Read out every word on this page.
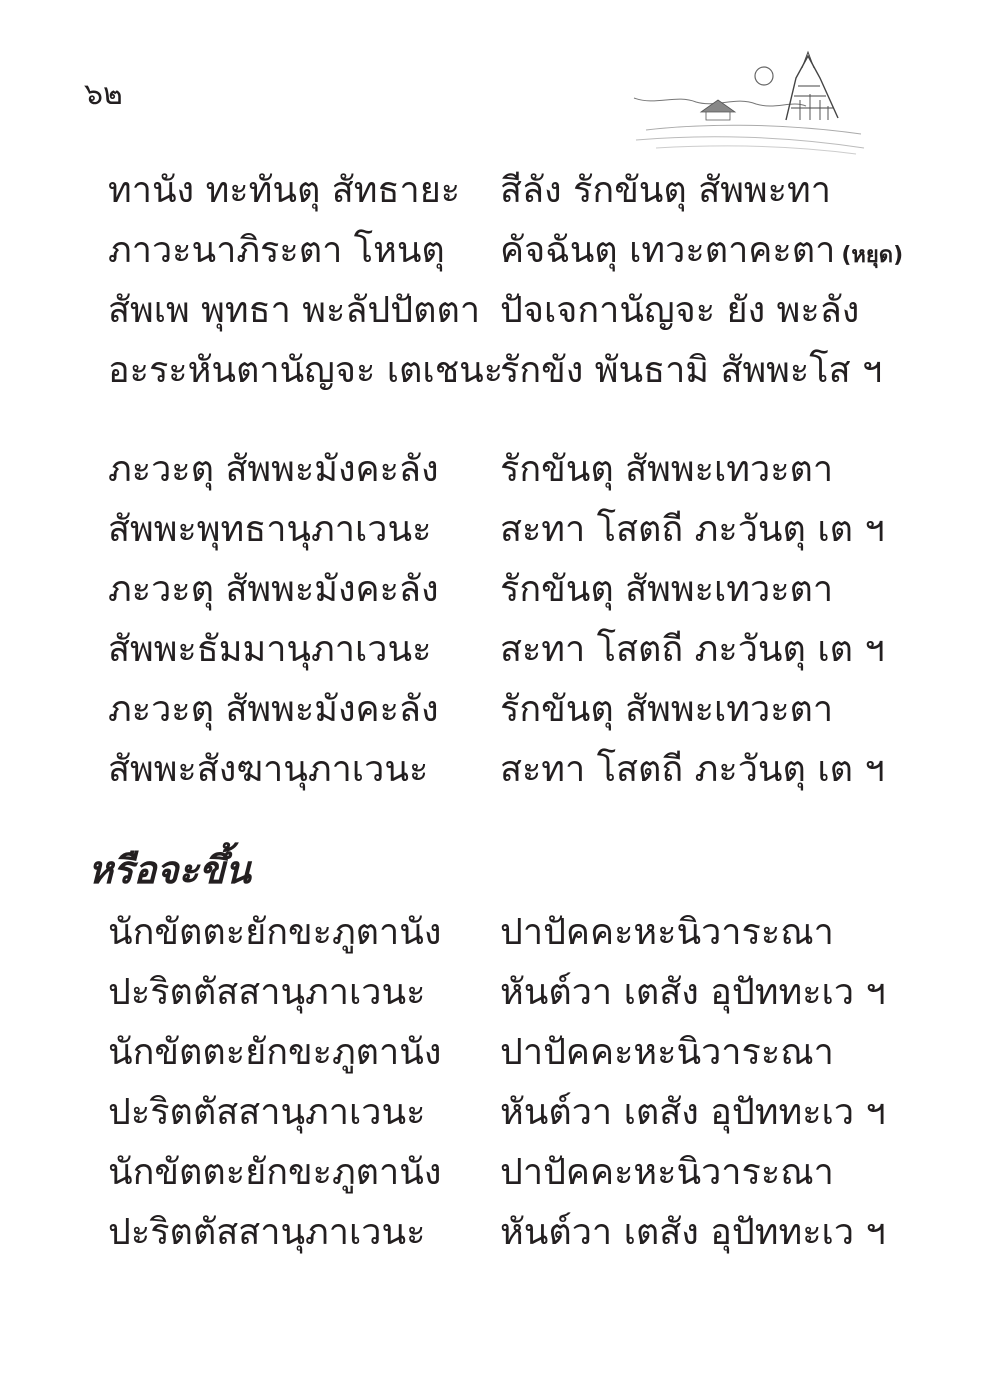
๖๒
ทานัง ทะทันตุ สัทธายะ สีลัง รักขันตุ สัพพะทา
ภาวะนาภิระตา โหนตุ คัจฉันตุ เทวะตาคะตา (หยุด)
สัพเพ พุทธา พะลัปปัตตา ปัจเจกานัญจะ ยัง พะลัง
อะระหันตานัญจะ เตเชนะ
รักขัง พันธามิ สัพพะโส ฯ
ภะวะตุ สัพพะมังคะลัง รักขันตุ สัพพะเทวะตา
สัพพะพุทธานุภาเวนะ สะทา โสตถี ภะวันตุ เต ฯ
ภะวะตุ สัพพะมังคะลัง รักขันตุ สัพพะเทวะตา
สัพพะธัมมานุภาเวนะ สะทา โสตถี ภะวันตุ เต ฯ
ภะวะตุ สัพพะมังคะลัง รักขันตุ สัพพะเทวะตา
สัพพะสังฆานุภาเวนะ สะทา โสตถี ภะวันตุ เต ฯ
หรือจะขึ้น
นักขัตตะยักขะภูตานัง ปาปัคคะหะนิวาระณา
ปะริตตัสสานุภาเวนะ หันต์วา เตสัง อุปัททะเว ฯ
นักขัตตะยักขะภูตานัง ปาปัคคะหะนิวาระณา
ปะริตตัสสานุภาเวนะ หันต์วา เตสัง อุปัททะเว ฯ
นักขัตตะยักขะภูตานัง ปาปัคคะหะนิวาระณา
ปะริตตัสสานุภาเวนะ หันต์วา เตสัง อุปัททะเว ฯ
